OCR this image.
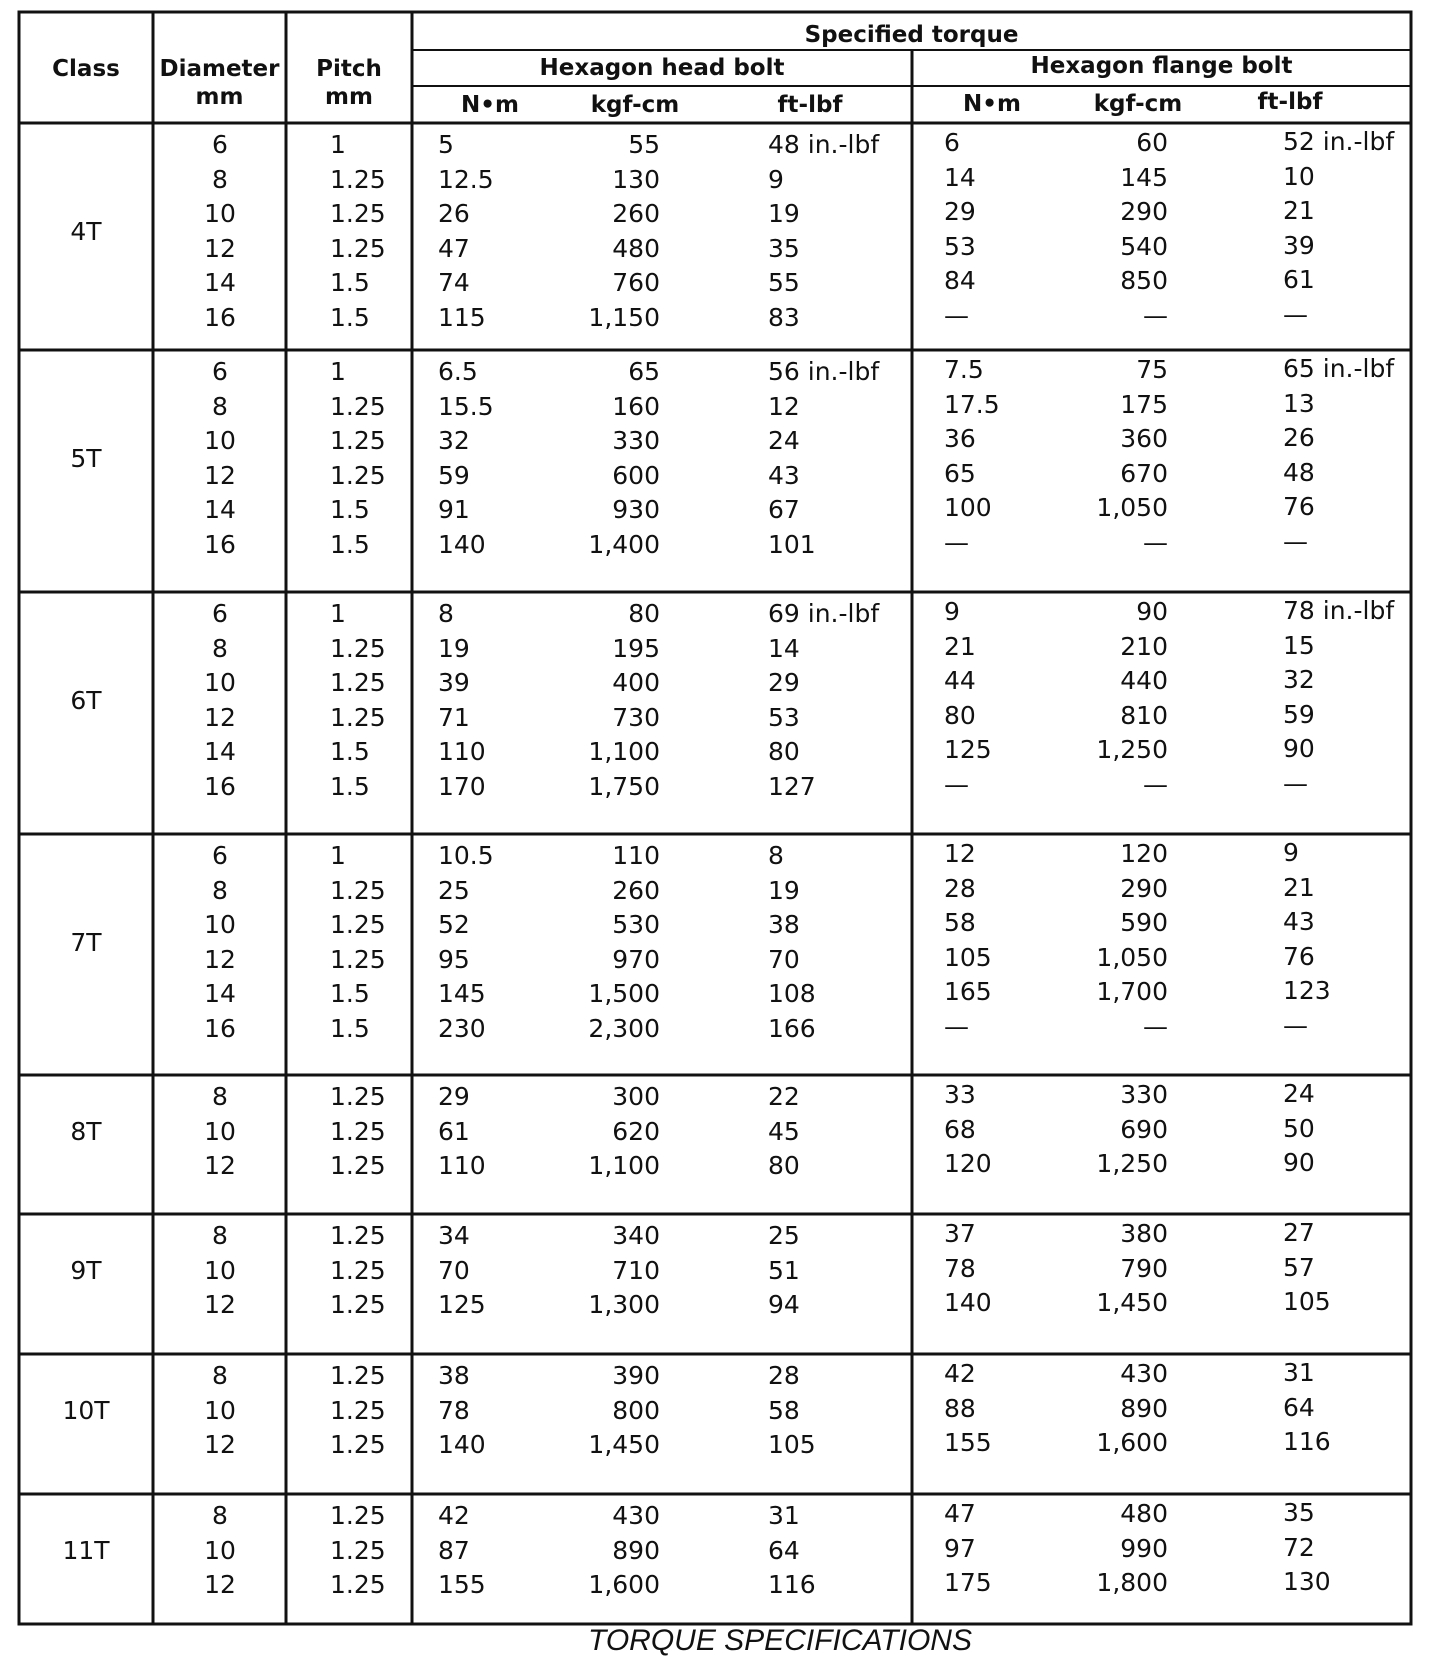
Class	Diameter
mm
Pitch
mm
Specified torque
Hexagon head bolt	Hexagon flange bolt
N•m	kgf-cm	ft-lbf	N•m	kgf-cm	ft-lbf
4T
6	1	5	55	48 in.-lbf	6	60	52 in.-lbf
8	1.25	12.5	130	9	14	145	10
10	1.25	26	260	19	29	290	21
12	1.25	47	480	35	53	540	39
14	1.5	74	760	55	84	850	61
16	1.5	115	1,150	83	—	—	—
5T
6	1	6.5	65	56 in.-lbf	7.5	75	65 in.-lbf
8	1.25	15.5	160	12	17.5	175	13
10	1.25	32	330	24	36	360	26
12	1.25	59	600	43	65	670	48
14	1.5	91	930	67	100	1,050	76
16	1.5	140	1,400	101	—	—	—
6T
6	1	8	80	69 in.-lbf	9	90	78 in.-lbf
8	1.25	19	195	14	21	210	15
10	1.25	39	400	29	44	440	32
12	1.25	71	730	53	80	810	59
14	1.5	110	1,100	80	125	1,250	90
16	1.5	170	1,750	127	—	—	—
7T
6	1	10.5	110	8	12	120	9
8	1.25	25	260	19	28	290	21
10	1.25	52	530	38	58	590	43
12	1.25	95	970	70	105	1,050	76
14	1.5	145	1,500	108	165	1,700	123
16	1.5	230	2,300	166	—	—	—
8T
8	1.25	29	300	22	33	330	24
10	1.25	61	620	45	68	690	50
12	1.25	110	1,100	80	120	1,250	90
9T
8	1.25	34	340	25	37	380	27
10	1.25	70	710	51	78	790	57
12	1.25	125	1,300	94	140	1,450	105
10T
8	1.25	38	390	28	42	430	31
10	1.25	78	800	58	88	890	64
12	1.25	140	1,450	105	155	1,600	116
11T
8	1.25	42	430	31	47	480	35
10	1.25	87	890	64	97	990	72
12	1.25	155	1,600	116	175	1,800	130
TORQUE SPECIFICATIONS
